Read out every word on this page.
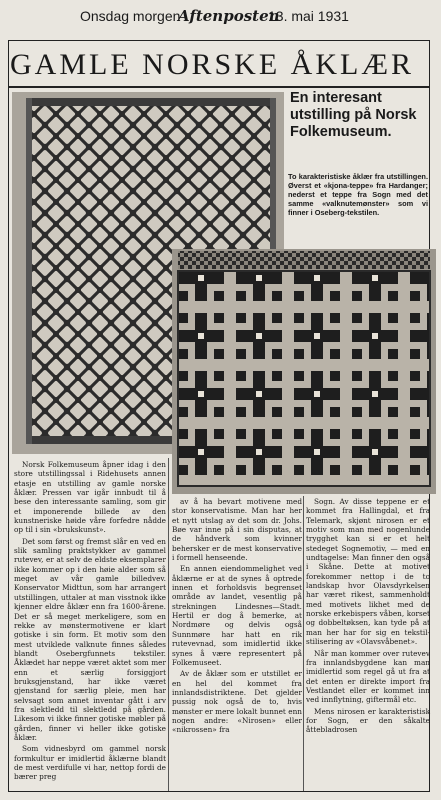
Onsdag morgen
Aftenposten
13. mai 1931
GAMLE NORSKE ÅKLÆR
En interesant utstilling på Norsk Folkemuseum.
To karakteristiske åklær fra utstillingen. Øverst et «kjona-teppe» fra Hardanger; nederst et teppe fra Sogn med det samme «valknutemønster» som vi finner i Oseberg-tekstilen.

Norsk Folkemuseum åpner idag i den store utstillingssal i Ridehusets annen etasje en utstilling av gamle norske åklær. Pressen var igår innbudt til å bese den interessante samling, som gir et imponerende billede av den kunstneriske høide våre forfedre nådde op til i sin «brukskunst».

Det som først og fremst slår en ved en slik samling praktstykker av gammel rutevev, er at selv de eldste eksemplarer ikke kommer op i den høie alder som så meget av vår gamle billedvev. Konservator Midttun, som har arrangert utstillingen, uttaler at man visstnok ikke kjenner eldre åklær enn fra 1600-årene. Det er så meget merkeligere, som en rekke av mønstermotivene er klart gotiske i sin form. Et motiv som den mest utviklede valknute finnes således blandt Osebergfunnets tekstiler. Åklædet har neppe været aktet som mer enn et særlig forsiggjort bruksgjenstand, har ikke været gjenstand for særlig pleie, men har selvsagt som annet inventar gått i arv fra slektledd til slektledd på gården. Likesom vi ikke finner gotiske møbler på gården, finner vi heller ikke gotiske åklær.

Som vidnesbyrd om gammel norsk formkultur er imidlertid åklærne blandt de mest verdifulle vi har, nettop fordi de bærer preg

av å ha bevart motivene med stor konservatisme. Man har her et nytt utslag av det som dr. Johs. Bøe var inne på i sin disputas, at de håndverk som kvinner behersker er de mest konservative i formell henseende.

En annen eiendommelighet ved åklærne er at de synes å optrede innen et forholdsvis begrenset område av landet, vesentlig på strekningen Lindesnes—Stadt. Hertil er dog å bemerke, at Nordmøre og delvis også Sunnmøre har hatt en rik rutevevnad, som imidlertid ikke synes å være representert på Folkemuseet.

Av de åklær som er utstillet er en hel del kommet fra innlandsdistriktene. Det gjelder pussig nok også de to, hvis mønster er mere lokalt bunnet enn nogen andre: «Nirosen» eller «nikrossen» fra

Sogn. Av disse teppene er et kommet fra Hallingdal, et fra Telemark, skjønt nirosen er et motiv som man med nogenlunde trygghet kan si er et helt stedeget Sognemotiv, — med en undtagelse: Man finner den også i Skåne. Dette at motivet forekommer nettop i de to landskap hvor Olavsdyrkelsen har været rikest, sammenholdt med motivets likhet med de norske erkebispers våben, korset og dobbeltøksen, kan tyde på at man her har for sig en tekstil-stilisering av «Olavsvåbenet».

Når man kommer over rutevev fra innlandsbygdene kan man imidlertid som regel gå ut fra at det enten er direkte import fra Vestlandet eller er kommet inn ved innflytning, giftermål etc.

Mens nirosen er karakteristisk for Sogn, er den såkalte åttebladrosen
